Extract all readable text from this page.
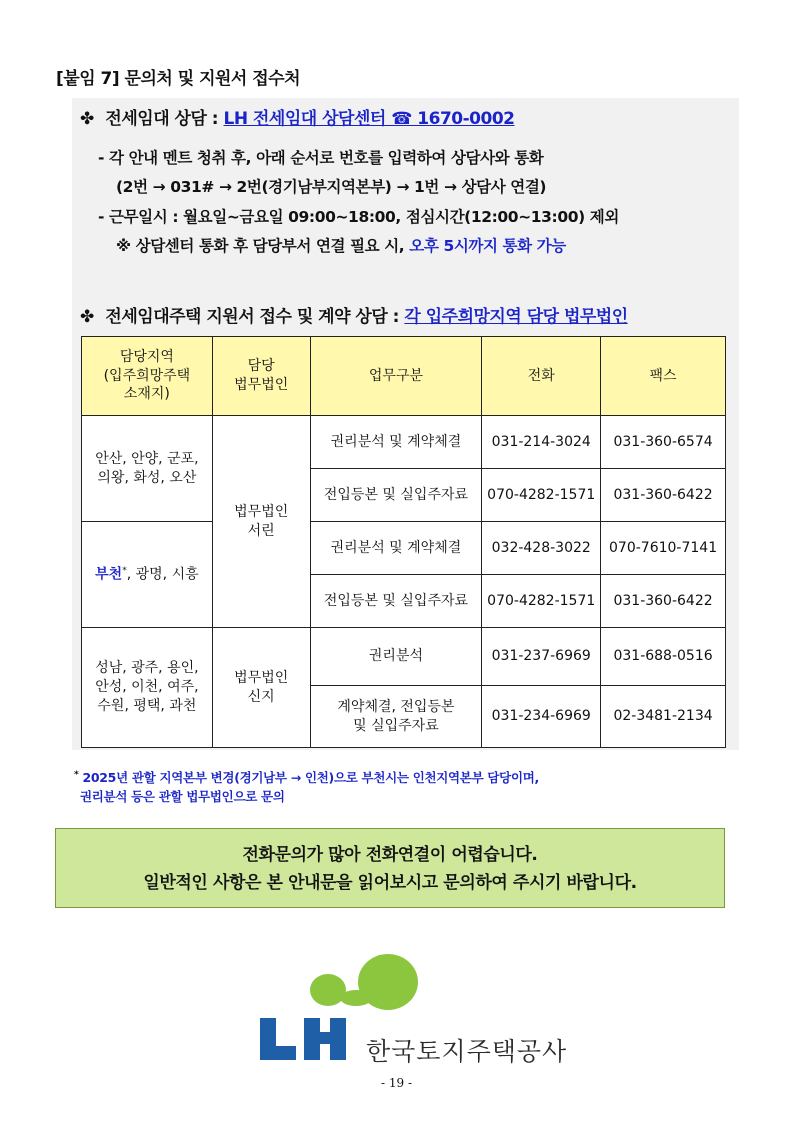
[붙임 7] 문의처 및 지원서 접수처
✤ 전세임대 상담 : LH 전세임대 상담센터 ☎ 1670-0002
- 각 안내 멘트 청취 후, 아래 순서로 번호를 입력하여 상담사와 통화
(2번 → 031# → 2번(경기남부지역본부) → 1번 → 상담사 연결)
- 근무일시 : 월요일~금요일 09:00~18:00, 점심시간(12:00~13:00) 제외
※ 상담센터 통화 후 담당부서 연결 필요 시, 오후 5시까지 통화 가능
✤ 전세임대주택 지원서 접수 및 계약 상담 : 각 입주희망지역 담당 법무법인
담당지역
(입주희망주택
소재지)	담당
법무법인	업무구분	전화	팩스
안산, 안양, 군포,
의왕, 화성, 오산	법무법인
서린	권리분석 및 계약체결	031-214-3024	031-360-6574
		전입등본 및 실입주자료	070-4282-1571	031-360-6422
부천*, 광명, 시흥		권리분석 및 계약체결	032-428-3022	070-7610-7141
		전입등본 및 실입주자료	070-4282-1571	031-360-6422
성남, 광주, 용인,
안성, 이천, 여주,
수원, 평택, 과천	법무법인
신지	권리분석	031-237-6969	031-688-0516
		계약체결, 전입등본
및 실입주자료	031-234-6969	02-3481-2134
* 2025년 관할 지역본부 변경(경기남부 → 인천)으로 부천시는 인천지역본부 담당이며,
권리분석 등은 관할 법무법인으로 문의
전화문의가 많아 전화연결이 어렵습니다.
일반적인 사항은 본 안내문을 읽어보시고 문의하여 주시기 바랍니다.
한국토지주택공사
- 19 -
